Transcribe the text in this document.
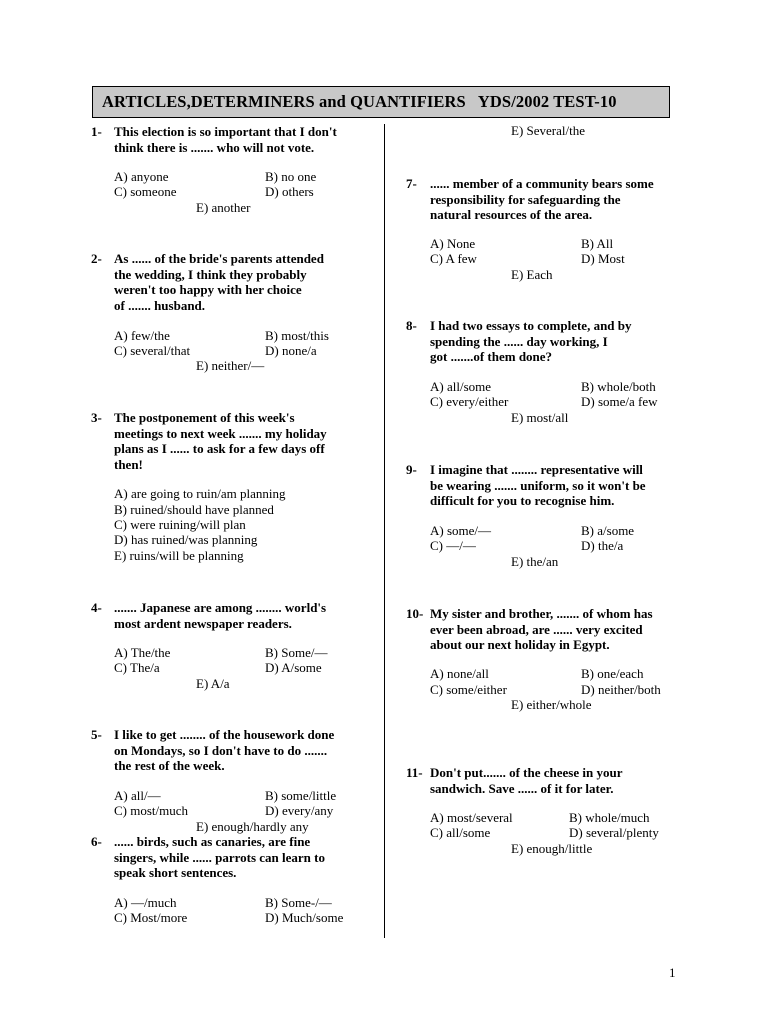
ARTICLES,DETERMINERS and QUANTIFIERS   YDS/2002 TEST-10
1- This election is so important that I don't
think there is ....... who will not vote.
A) anyone	B) no one
C) someone	D) others
E) another
2- As ...... of the bride's parents attended
the wedding, I think they probably
weren't too happy with her choice
of ....... husband.
A) few/the	B) most/this
C) several/that	D) none/a
E) neither/—
3- The postponement of this week's
meetings to next week ....... my holiday
plans as I ...... to ask for a few days off
then!
A) are going to ruin/am planning
B) ruined/should have planned
C) were ruining/will plan
D) has ruined/was planning
E) ruins/will be planning
4- ....... Japanese are among ........ world's
most ardent newspaper readers.
A) The/the	B) Some/—
C) The/a	D) A/some
E) A/a
5- I like to get ........ of the housework done
on Mondays, so I don't have to do .......
the rest of the week.
A) all/—	B) some/little
C) most/much	D) every/any
E) enough/hardly any
6- ...... birds, such as canaries, are fine
singers, while ...... parrots can learn to
speak short sentences.
A) —/much	B) Some-/—
C) Most/more	D) Much/some
E) Several/the
7- ...... member of a community bears some
responsibility for safeguarding the
natural resources of the area.
A) None	B) All
C) A few	D) Most
E) Each
8- I had two essays to complete, and by
spending the ...... day working, I
got .......of them done?
A) all/some	B) whole/both
C) every/either	D) some/a few
E) most/all
9- I imagine that ........ representative will
be wearing ....... uniform, so it won't be
difficult for you to recognise him.
A) some/—	B) a/some
C) —/—	D) the/a
E) the/an
10- My sister and brother, ....... of whom has
ever been abroad, are ...... very excited
about our next holiday in Egypt.
A) none/all	B) one/each
C) some/either	D) neither/both
E) either/whole
11- Don't put....... of the cheese in your
sandwich. Save ...... of it for later.
A) most/several	B) whole/much
C) all/some	D) several/plenty
E) enough/little
1
